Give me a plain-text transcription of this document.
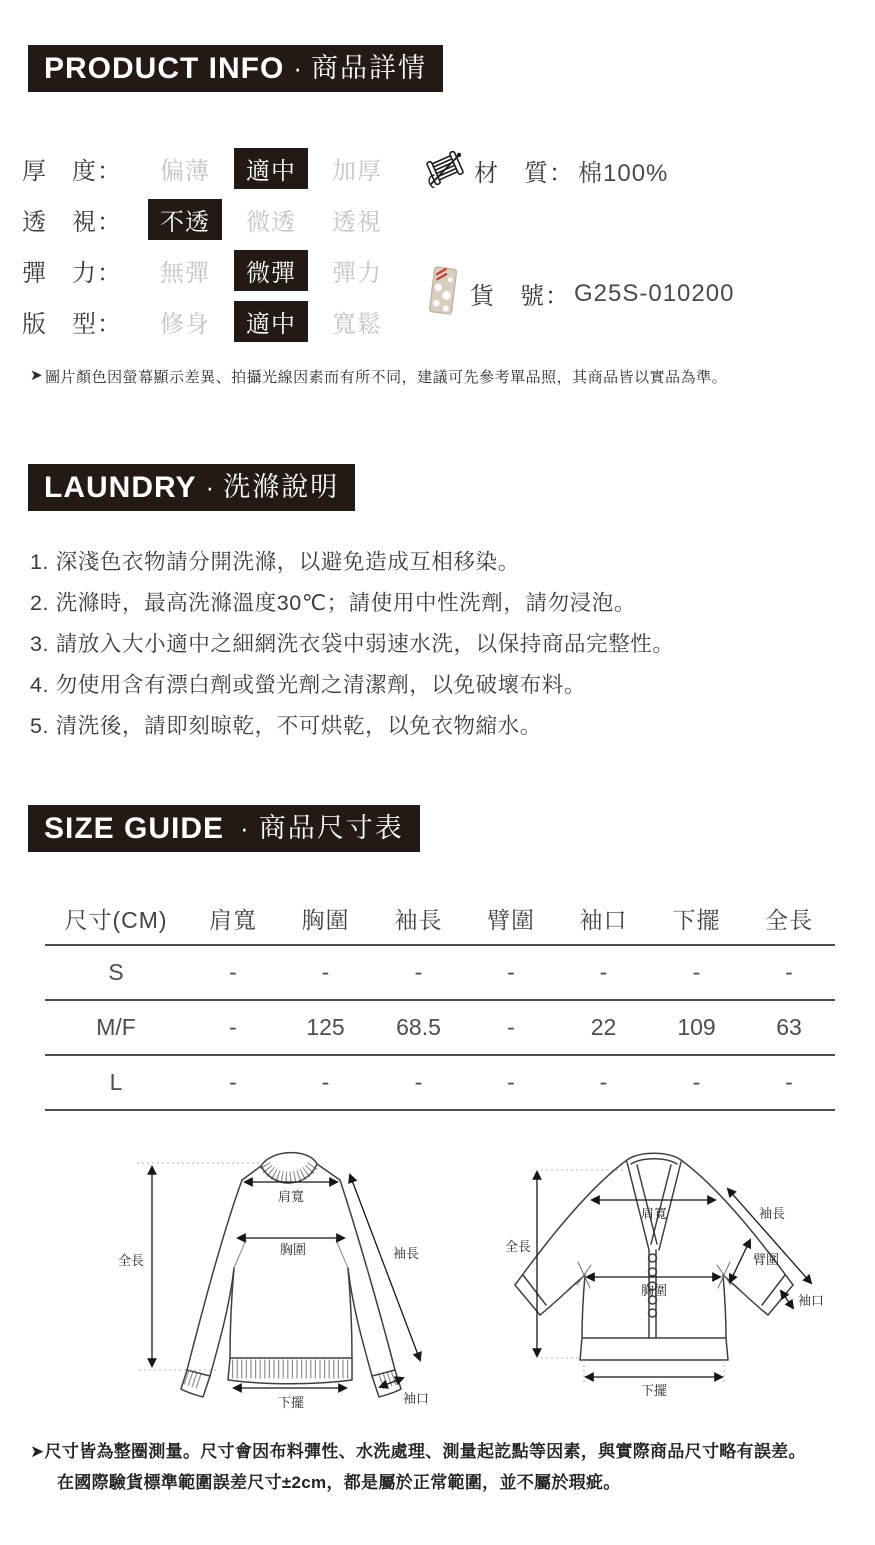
PRODUCT INFO · 商品詳情
厚　度：	偏薄	適中	加厚
透　視：	不透	微透 透視
彈　力：	無彈	微彈	彈力
版　型：	修身	適中	寬鬆
材　質： 棉100%
貨　號： G25S-010200
➤ 圖片顏色因螢幕顯示差異、拍攝光線因素而有所不同，建議可先參考單品照，其商品皆以實品為準。
LAUNDRY · 洗滌說明
1. 深淺色衣物請分開洗滌，以避免造成互相移染。
2. 洗滌時，最高洗滌溫度30℃；請使用中性洗劑，請勿浸泡。
3. 請放入大小適中之細網洗衣袋中弱速水洗，以保持商品完整性。
4. 勿使用含有漂白劑或螢光劑之清潔劑，以免破壞布料。
5. 清洗後，請即刻晾乾，不可烘乾，以免衣物縮水。
SIZE GUIDE · 商品尺寸表
尺寸(CM)	肩寬	胸圍	袖長	臂圍	袖口	下擺	全長
S	-	-	-	-	-	-	-
M/F	-	125	68.5	-	22	109	63
L	-	-	-	-	-	-	-
肩寬
胸圍
全長	袖長
下擺	袖口
全長
肩寬	袖長
臂圍
胸圍
袖口
下擺
➤ 尺寸皆為整圈測量。尺寸會因布料彈性、水洗處理、測量起訖點等因素，與實際商品尺寸略有誤差。
在國際驗貨標準範圍誤差尺寸±2cm，都是屬於正常範圍，並不屬於瑕疵。
